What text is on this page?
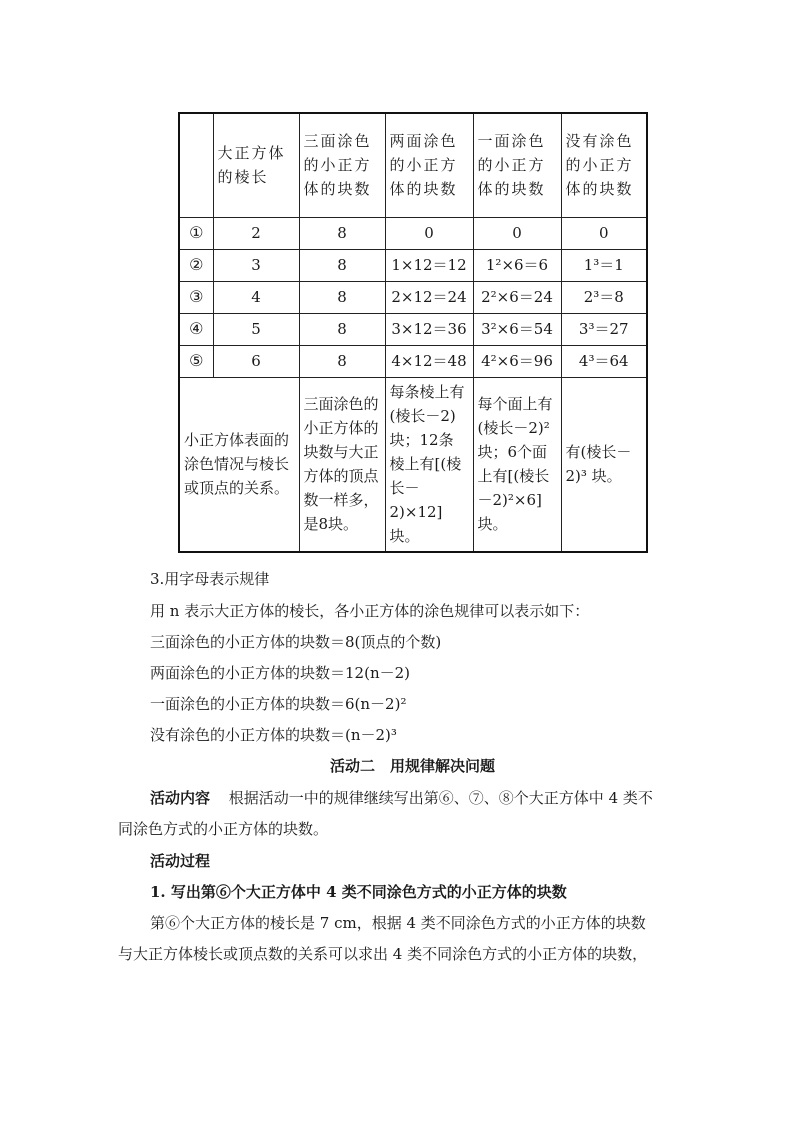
	大正方体的棱长	三面涂色的小正方体的块数	两面涂色的小正方体的块数	一面涂色的小正方体的块数	没有涂色的小正方体的块数
①	2	8	0	0	0
②	3	8	1×12＝12	1²×6＝6	1³＝1
③	4	8	2×12＝24	2²×6＝24	2³＝8
④	5	8	3×12＝36	3²×6＝54	3³＝27
⑤	6	8	4×12＝48	4²×6＝96	4³＝64
小正方体表面的涂色情况与棱长或顶点的关系。		三面涂色的小正方体的块数与大正方体的顶点数一样多，是8块。	每条棱上有(棱长－2)块；12条棱上有[(棱长－2)×12]块。	每个面上有(棱长－2)² 块；6个面上有[(棱长－2)²×6]块。	有(棱长－2)³ 块。
3.用字母表示规律
用 n 表示大正方体的棱长，各小正方体的涂色规律可以表示如下：
三面涂色的小正方体的块数＝8(顶点的个数)
两面涂色的小正方体的块数＝12(n－2)
一面涂色的小正方体的块数＝6(n－2)²
没有涂色的小正方体的块数＝(n－2)³
活动二　用规律解决问题
活动内容 根据活动一中的规律继续写出第⑥、⑦、⑧个大正方体中 4 类不
同涂色方式的小正方体的块数。
活动过程
1. 写出第⑥个大正方体中 4 类不同涂色方式的小正方体的块数
第⑥个大正方体的棱长是 7 cm，根据 4 类不同涂色方式的小正方体的块数
与大正方体棱长或顶点数的关系可以求出 4 类不同涂色方式的小正方体的块数，
